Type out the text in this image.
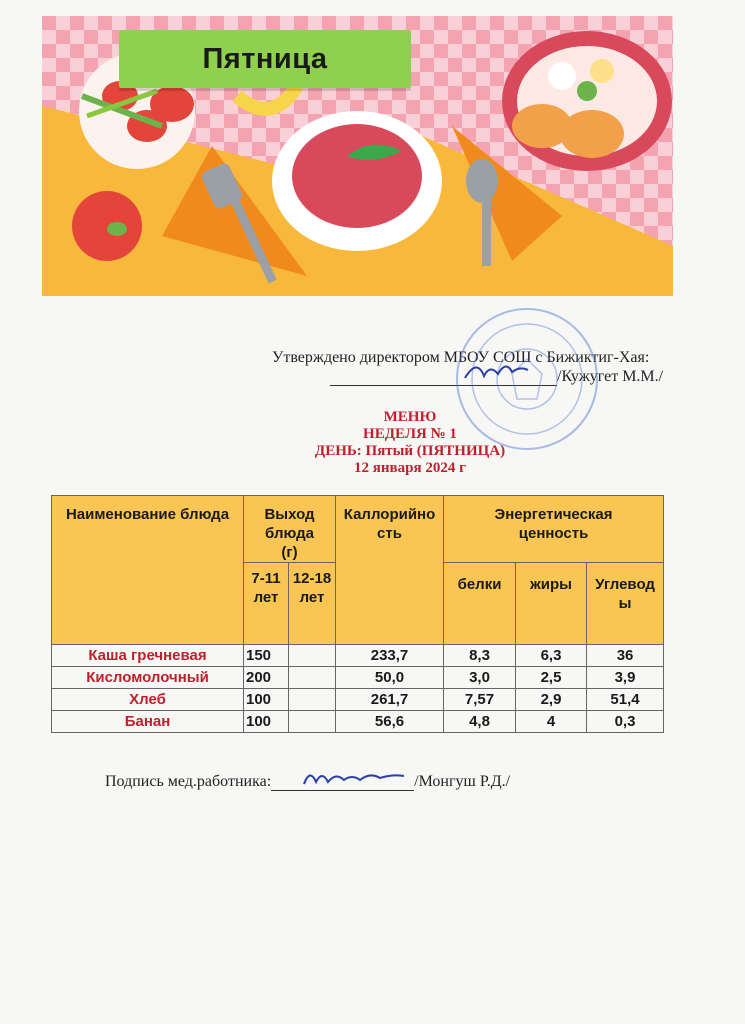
Пятница
Утверждено директором МБОУ СОШ с Бижиктиг-Хая:
/Кужугет М.М./
МЕНЮ
НЕДЕЛЯ № 1
ДЕНЬ: Пятый (ПЯТНИЦА)
12 января 2024 г
Наименование блюда	Выход блюда (г)		Каллорийность	Энергетическая ценность		
	7-11 лет	12-18 лет		белки	жиры	Углеводы
Каша гречневая	150		233,7	8,3	6,3	36
Кисломолочный	200		50,0	3,0	2,5	3,9
Хлеб	100		261,7	7,57	2,9	51,4
Банан	100		56,6	4,8	4	0,3
Подпись мед.работника:	/Монгуш Р.Д./
